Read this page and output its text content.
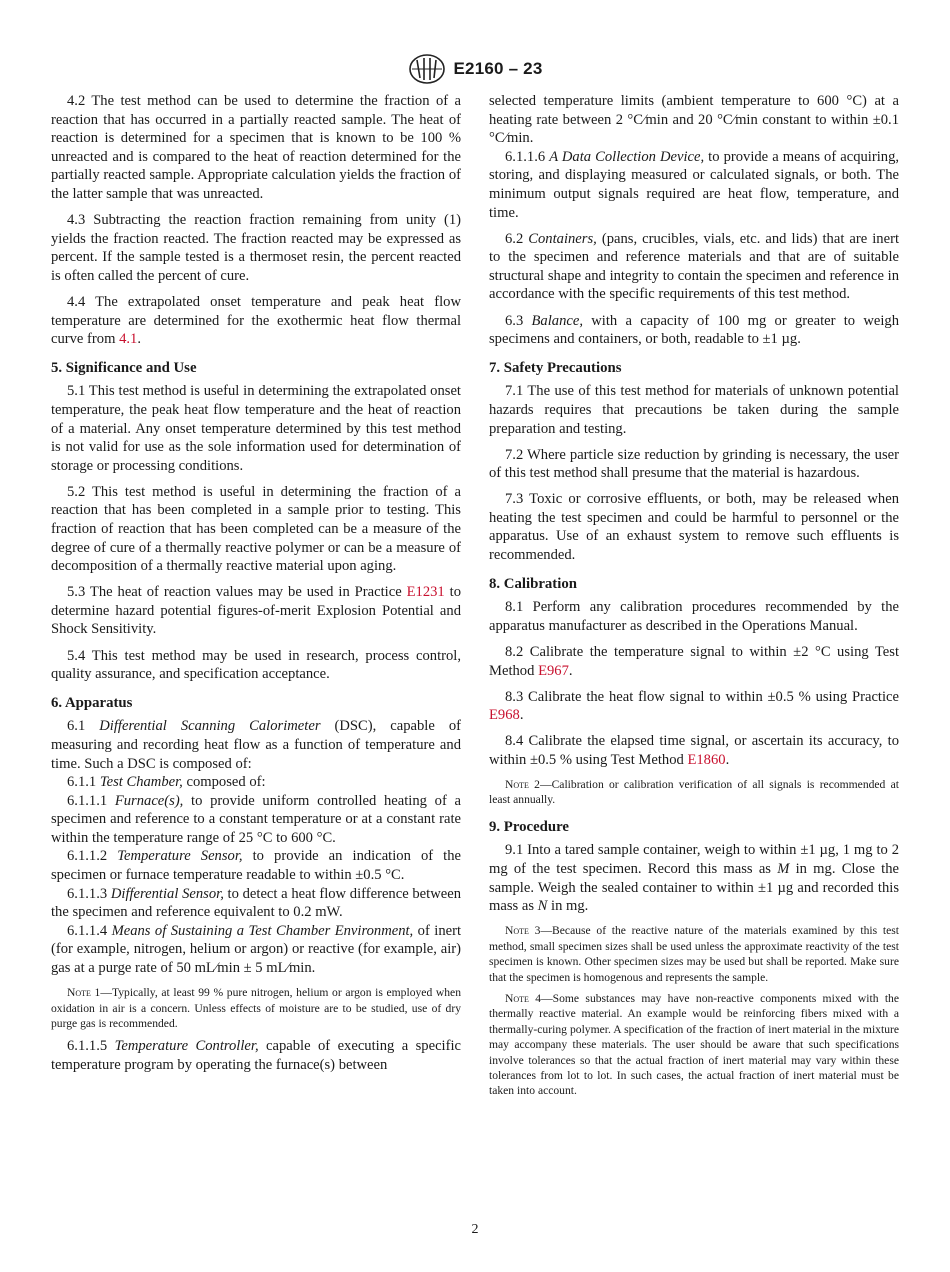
E2160 – 23

4.2 The test method can be used to determine the fraction of a reaction that has occurred in a partially reacted sample. The heat of reaction is determined for a specimen that is known to be 100 % unreacted and is compared to the heat of reaction determined for the partially reacted sample. Appropriate calculation yields the fraction of the latter sample that was unreacted.

4.3 Subtracting the reaction fraction remaining from unity (1) yields the fraction reacted. The fraction reacted may be expressed as percent. If the sample tested is a thermoset resin, the percent reacted is often called the percent of cure.

4.4 The extrapolated onset temperature and peak heat flow temperature are determined for the exothermic heat flow thermal curve from 4.1.

5. Significance and Use

5.1 This test method is useful in determining the extrapolated onset temperature, the peak heat flow temperature and the heat of reaction of a material. Any onset temperature determined by this test method is not valid for use as the sole information used for determination of storage or processing conditions.

5.2 This test method is useful in determining the fraction of a reaction that has been completed in a sample prior to testing. This fraction of reaction that has been completed can be a measure of the degree of cure of a thermally reactive polymer or can be a measure of decomposition of a thermally reactive material upon aging.

5.3 The heat of reaction values may be used in Practice E1231 to determine hazard potential figures-of-merit Explosion Potential and Shock Sensitivity.

5.4 This test method may be used in research, process control, quality assurance, and specification acceptance.

6. Apparatus

6.1 Differential Scanning Calorimeter (DSC), capable of measuring and recording heat flow as a function of temperature and time. Such a DSC is composed of:

6.1.1 Test Chamber, composed of:

6.1.1.1 Furnace(s), to provide uniform controlled heating of a specimen and reference to a constant temperature or at a constant rate within the temperature range of 25 °C to 600 °C.

6.1.1.2 Temperature Sensor, to provide an indication of the specimen or furnace temperature readable to within ±0.5 °C.

6.1.1.3 Differential Sensor, to detect a heat flow difference between the specimen and reference equivalent to 0.2 mW.

6.1.1.4 Means of Sustaining a Test Chamber Environment, of inert (for example, nitrogen, helium or argon) or reactive (for example, air) gas at a purge rate of 50 mL⁄min ± 5 mL⁄min.

Note 1—Typically, at least 99 % pure nitrogen, helium or argon is employed when oxidation in air is a concern. Unless effects of moisture are to be studied, use of dry purge gas is recommended.

6.1.1.5 Temperature Controller, capable of executing a specific temperature program by operating the furnace(s) between

selected temperature limits (ambient temperature to 600 °C) at a heating rate between 2 °C⁄min and 20 °C⁄min constant to within ±0.1 °C⁄min.

6.1.1.6 A Data Collection Device, to provide a means of acquiring, storing, and displaying measured or calculated signals, or both. The minimum output signals required are heat flow, temperature, and time.

6.2 Containers, (pans, crucibles, vials, etc. and lids) that are inert to the specimen and reference materials and that are of suitable structural shape and integrity to contain the specimen and reference in accordance with the specific requirements of this test method.

6.3 Balance, with a capacity of 100 mg or greater to weigh specimens and containers, or both, readable to ±1 µg.

7. Safety Precautions

7.1 The use of this test method for materials of unknown potential hazards requires that precautions be taken during the sample preparation and testing.

7.2 Where particle size reduction by grinding is necessary, the user of this test method shall presume that the material is hazardous.

7.3 Toxic or corrosive effluents, or both, may be released when heating the test specimen and could be harmful to personnel or the apparatus. Use of an exhaust system to remove such effluents is recommended.

8. Calibration

8.1 Perform any calibration procedures recommended by the apparatus manufacturer as described in the Operations Manual.

8.2 Calibrate the temperature signal to within ±2 °C using Test Method E967.

8.3 Calibrate the heat flow signal to within ±0.5 % using Practice E968.

8.4 Calibrate the elapsed time signal, or ascertain its accuracy, to within ±0.5 % using Test Method E1860.

Note 2—Calibration or calibration verification of all signals is recommended at least annually.

9. Procedure

9.1 Into a tared sample container, weigh to within ±1 µg, 1 mg to 2 mg of the test specimen. Record this mass as M in mg. Close the sample. Weigh the sealed container to within ±1 µg and recorded this mass as N in mg.

Note 3—Because of the reactive nature of the materials examined by this test method, small specimen sizes shall be used unless the approximate reactivity of the test specimen is known. Other specimen sizes may be used but shall be reported. Make sure that the specimen is homogenous and represents the sample.

Note 4—Some substances may have non-reactive components mixed with the thermally reactive material. An example would be reinforcing fibers mixed with a thermally-curing polymer. A specification of the fraction of inert material in the mixture may accompany these materials. The user should be aware that such specifications involve tolerances so that the actual fraction of inert material may vary within these tolerances from lot to lot. In such cases, the actual fraction of inert material must be taken into account.

2
